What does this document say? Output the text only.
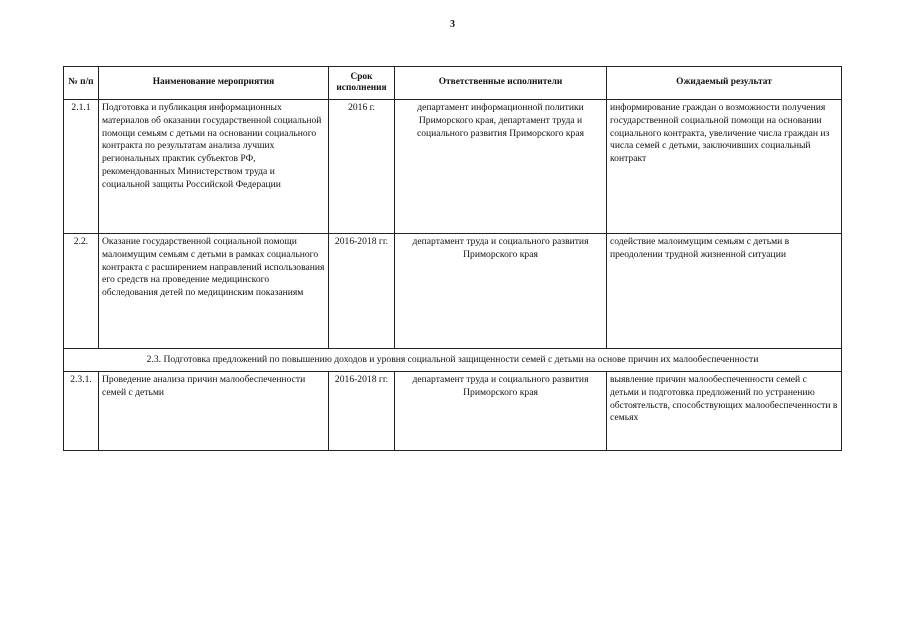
3
№ п/п	Наименование мероприятия	Срок исполнения	Ответственные исполнители	Ожидаемый результат
2.1.1	Подготовка и публикация информационных материалов об оказании государственной социальной помощи семьям с детьми на основании социального контракта по результатам анализа лучших региональных практик субъектов РФ, рекомендованных Министерством труда и социальной защиты Российской Федерации	2016 г.	департамент информационной политики Приморского края, департамент труда и социального развития Приморского края	информирование граждан о возможности получения государственной социальной помощи на основании социального контракта, увеличение числа граждан из числа семей с детьми, заключивших социальный контракт
2.2.	Оказание государственной социальной помощи малоимущим семьям с детьми в рамках социального контракта с расширением направлений использования его средств на проведение медицинского обследования детей по медицинским показаниям	2016-2018 гг.	департамент труда и социального развития Приморского края	содействие малоимущим семьям с детьми в преодолении трудной жизненной ситуации
2.3. Подготовка предложений по повышению доходов и уровня социальной защищенности семей с детьми на основе причин их малообеспеченности				
2.3.1.	Проведение анализа причин малообеспеченности семей с детьми	2016-2018 гг.	департамент труда и социального развития Приморского края	выявление причин малообеспеченности семей с детьми и подготовка предложений по устранению обстоятельств, способствующих малообеспеченности в семьях
